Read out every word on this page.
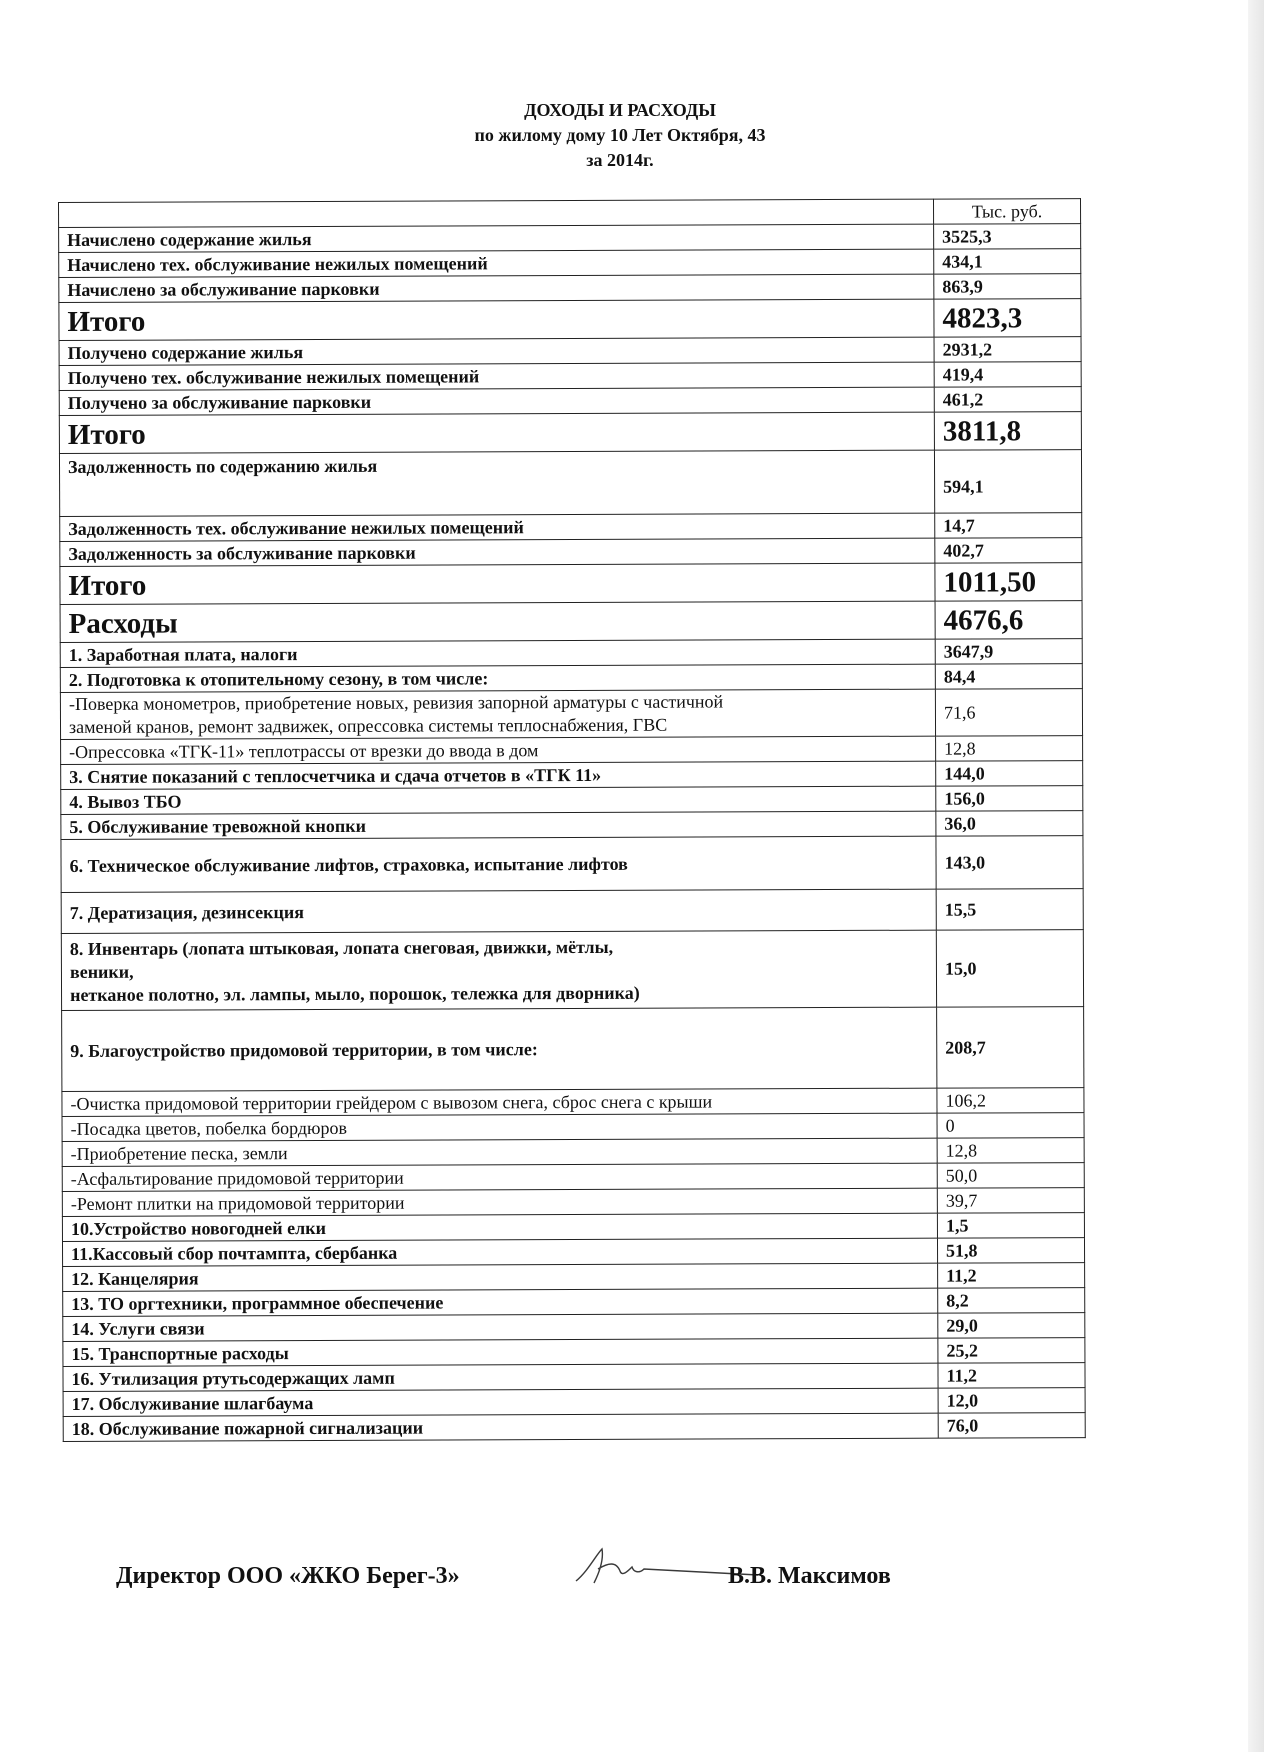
ДОХОДЫ И РАСХОДЫ
по жилому дому 10 Лет Октября, 43
за 2014г.
	Тыс. руб.
Начислено содержание жилья	3525,3
Начислено тех. обслуживание нежилых помещений	434,1
Начислено за обслуживание парковки	863,9
Итого	4823,3
Получено содержание жилья	2931,2
Получено тех. обслуживание нежилых помещений	419,4
Получено за обслуживание парковки	461,2
Итого	3811,8
Задолженность по содержанию жилья	594,1
Задолженность тех. обслуживание нежилых помещений	14,7
Задолженность за обслуживание парковки	402,7
Итого	1011,50
Расходы	4676,6
1. Заработная плата, налоги	3647,9
2. Подготовка к отопительному сезону, в том числе:	84,4

-Поверка монометров, приобретение новых, ревизия запорной арматуры с частичной
заменой кранов, ремонт задвижек, опрессовка системы теплоснабжения, ГВС	71,6
-Опрессовка «ТГК-11» теплотрассы от врезки до ввода в дом	12,8
3. Снятие показаний с теплосчетчика и сдача отчетов в «ТГК 11»	144,0
4. Вывоз ТБО	156,0
5. Обслуживание тревожной кнопки	36,0
6. Техническое обслуживание лифтов, страховка, испытание лифтов	143,0
7. Дератизация, дезинсекция	15,5

8. Инвентарь (лопата штыковая, лопата снеговая, движки, мётлы,
веники,
нетканое полотно, эл. лампы, мыло, порошок, тележка для дворника)	15,0
9. Благоустройство придомовой территории, в том числе:	208,7
-Очистка придомовой территории грейдером с вывозом снега, сброс снега с крыши	106,2
-Посадка цветов, побелка бордюров	0
-Приобретение песка, земли	12,8
-Асфальтирование придомовой территории	50,0
-Ремонт плитки на придомовой территории	39,7
10.Устройство новогодней елки	1,5
11.Кассовый сбор почтампта, сбербанка	51,8
12. Канцелярия	11,2
13. ТО оргтехники, программное обеспечение	8,2
14. Услуги связи	29,0
15. Транспортные расходы	25,2
16. Утилизация ртутьсодержащих ламп	11,2
17. Обслуживание шлагбаума	12,0
18. Обслуживание пожарной сигнализации	76,0
Директор ООО «ЖКО Берег-3»	В.В. Максимов
